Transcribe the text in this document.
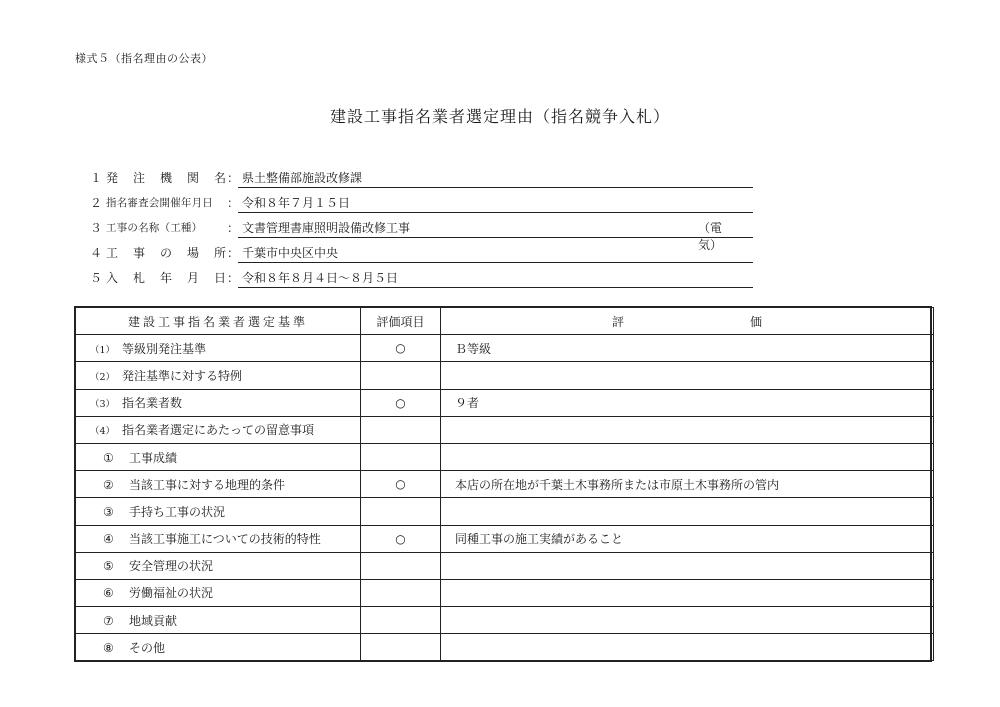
様式５（指名理由の公表）
建設工事指名業者選定理由（指名競争入札）
１ 発 注 機 関 名 ： 県土整備部施設改修課
２ 指名審査会開催年月日	： 令和８年７月１５日
３ 工事の名称（工種）	： 文書管理書庫照明設備改修工事	（電気）
４ 工 事 の 場 所 ： 千葉市中央区中央
５ 入 札 年 月 日 ： 令和８年８月４日～８月５日
建設工事指名業者選定基準	評価項目	評 価

（1） 等級別発注基準	○	Ｂ等級
（2） 発注基準に対する特例		
（3） 指名業者数	○	９者
（4） 指名業者選定にあたっての留意事項		
① 工事成績		
② 当該工事に対する地理的条件	○	本店の所在地が千葉土木事務所または市原土木事務所の管内
③ 手持ち工事の状況		
④ 当該工事施工についての技術的特性	○	同種工事の施工実績があること
⑤ 安全管理の状況		
⑥ 労働福祉の状況		
⑦ 地域貢献		
⑧ その他		
